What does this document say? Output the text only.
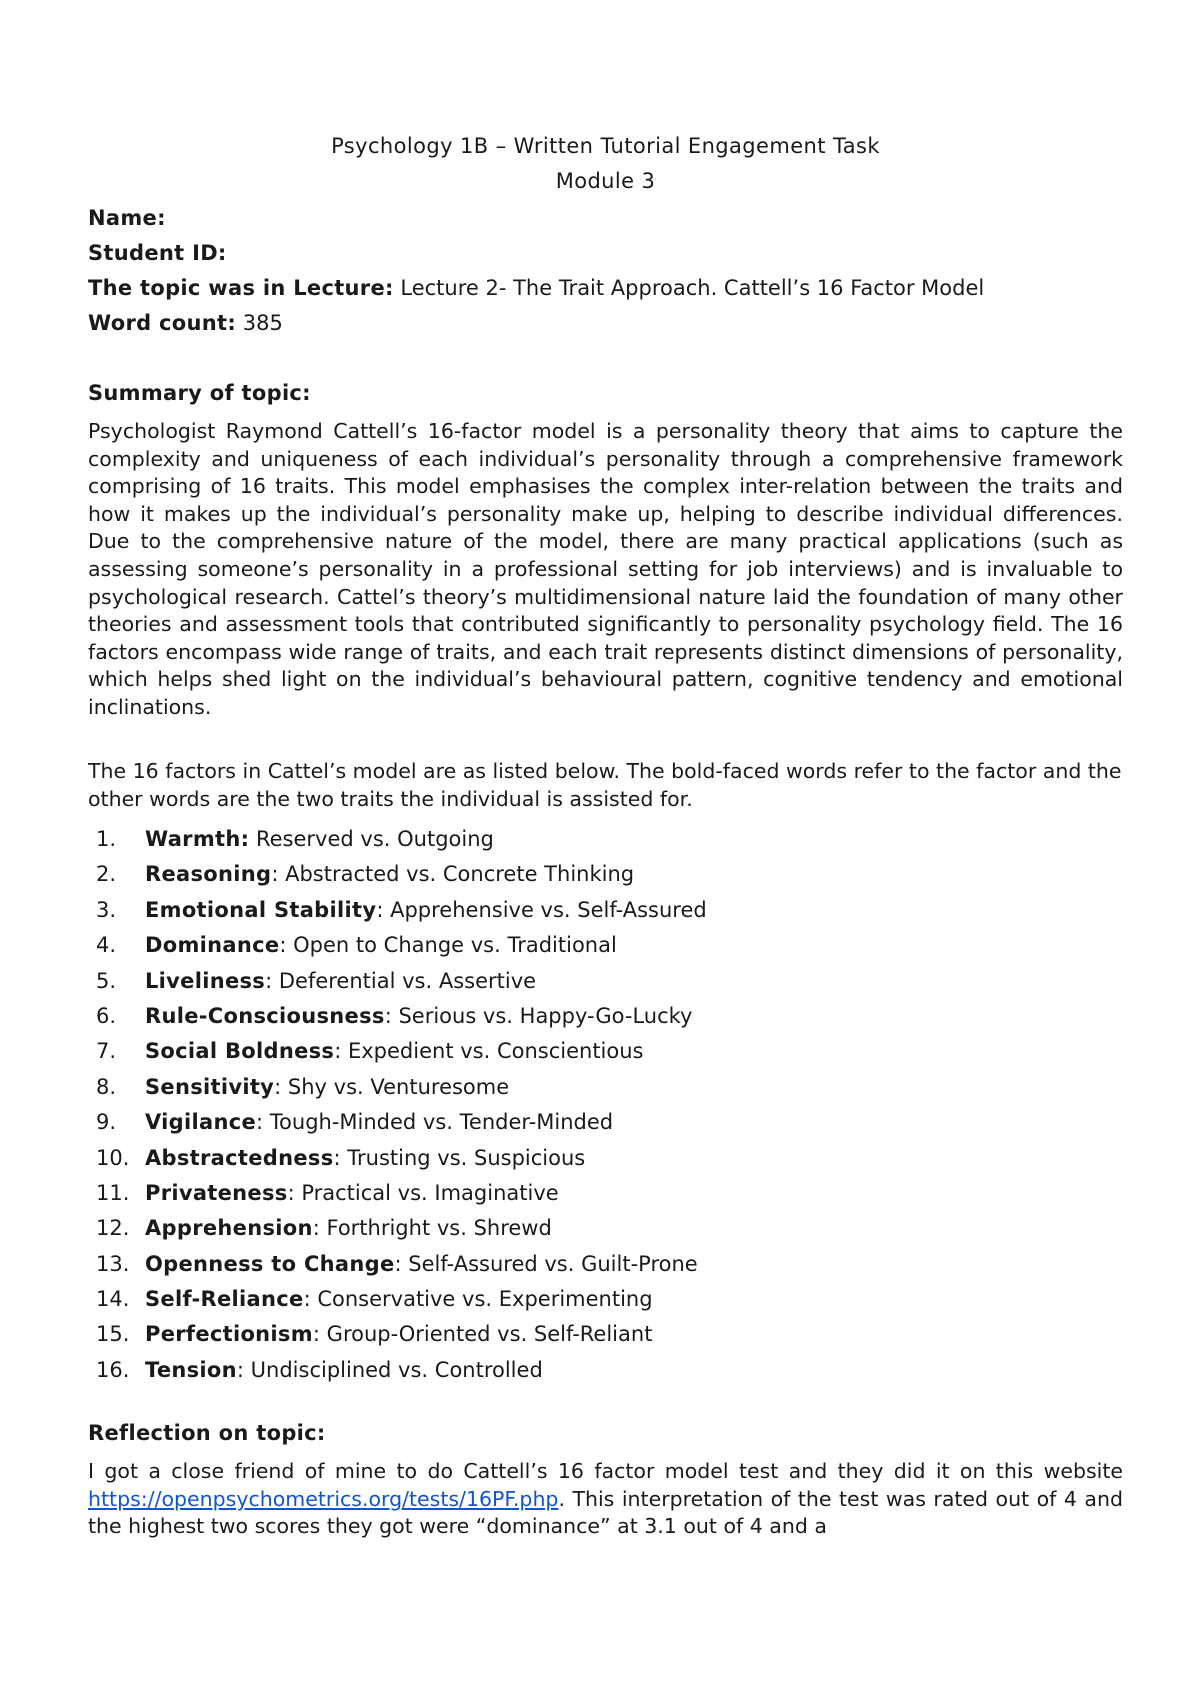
Psychology 1B – Written Tutorial Engagement Task
Module 3
Name:
Student ID:
The topic was in Lecture: Lecture 2- The Trait Approach. Cattell’s 16 Factor Model
Word count: 385
Summary of topic:
Psychologist Raymond Cattell’s 16-factor model is a personality theory that aims to capture the complexity and uniqueness of each individual’s personality through a comprehensive framework comprising of 16 traits. This model emphasises the complex inter-relation between the traits and how it makes up the individual’s personality make up, helping to describe individual differences. Due to the comprehensive nature of the model, there are many practical applications (such as assessing someone’s personality in a professional setting for job interviews) and is invaluable to psychological research. Cattel’s theory’s multidimensional nature laid the foundation of many other theories and assessment tools that contributed significantly to personality psychology field. The 16 factors encompass wide range of traits, and each trait represents distinct dimensions of personality, which helps shed light on the individual’s behavioural pattern, cognitive tendency and emotional inclinations.
The 16 factors in Cattel’s model are as listed below. The bold-faced words refer to the factor and the other words are the two traits the individual is assisted for.
1.	Warmth: Reserved vs. Outgoing
2.	Reasoning: Abstracted vs. Concrete Thinking
3.	Emotional Stability: Apprehensive vs. Self-Assured
4.	Dominance: Open to Change vs. Traditional
5.	Liveliness: Deferential vs. Assertive
6.	Rule-Consciousness: Serious vs. Happy-Go-Lucky
7.	Social Boldness: Expedient vs. Conscientious
8.	Sensitivity: Shy vs. Venturesome
9.	Vigilance: Tough-Minded vs. Tender-Minded
10. Abstractedness: Trusting vs. Suspicious
11. Privateness: Practical vs. Imaginative
12. Apprehension: Forthright vs. Shrewd
13. Openness to Change: Self-Assured vs. Guilt-Prone
14. Self-Reliance: Conservative vs. Experimenting
15. Perfectionism: Group-Oriented vs. Self-Reliant
16. Tension: Undisciplined vs. Controlled
Reflection on topic:
I got a close friend of mine to do Cattell’s 16 factor model test and they did it on this website https://openpsychometrics.org/tests/16PF.php. This interpretation of the test was rated out of 4 and the highest two scores they got were “dominance” at 3.1 out of 4 and a
